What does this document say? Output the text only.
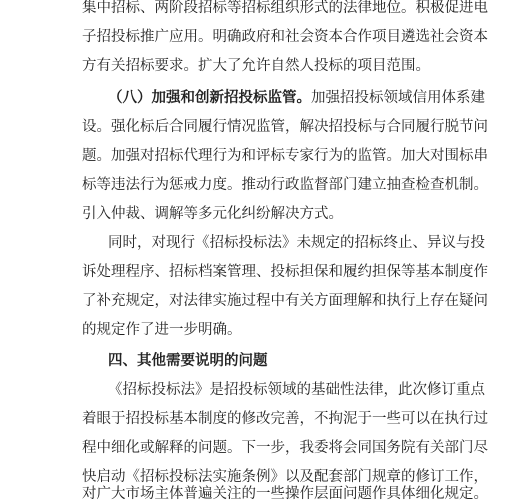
集中招标、两阶段招标等招标组织形式的法律地位。积极促进电
子招投标推广应用。明确政府和社会资本合作项目遴选社会资本
方有关招标要求。扩大了允许自然人投标的项目范围。
（八）加强和创新招投标监管。加强招投标领域信用体系建
设。强化标后合同履行情况监管，解决招投标与合同履行脱节问
题。加强对招标代理行为和评标专家行为的监管。加大对围标串
标等违法行为惩戒力度。推动行政监督部门建立抽查检查机制。
引入仲裁、调解等多元化纠纷解决方式。
同时，对现行《招标投标法》未规定的招标终止、异议与投
诉处理程序、招标档案管理、投标担保和履约担保等基本制度作
了补充规定，对法律实施过程中有关方面理解和执行上存在疑问
的规定作了进一步明确。
四、其他需要说明的问题
《招标投标法》是招投标领域的基础性法律，此次修订重点
着眼于招投标基本制度的修改完善，不拘泥于一些可以在执行过
程中细化或解释的问题。下一步，我委将会同国务院有关部门尽
快启动《招标投标法实施条例》以及配套部门规章的修订工作，
对广大市场主体普遍关注的一些操作层面问题作具体细化规定。
